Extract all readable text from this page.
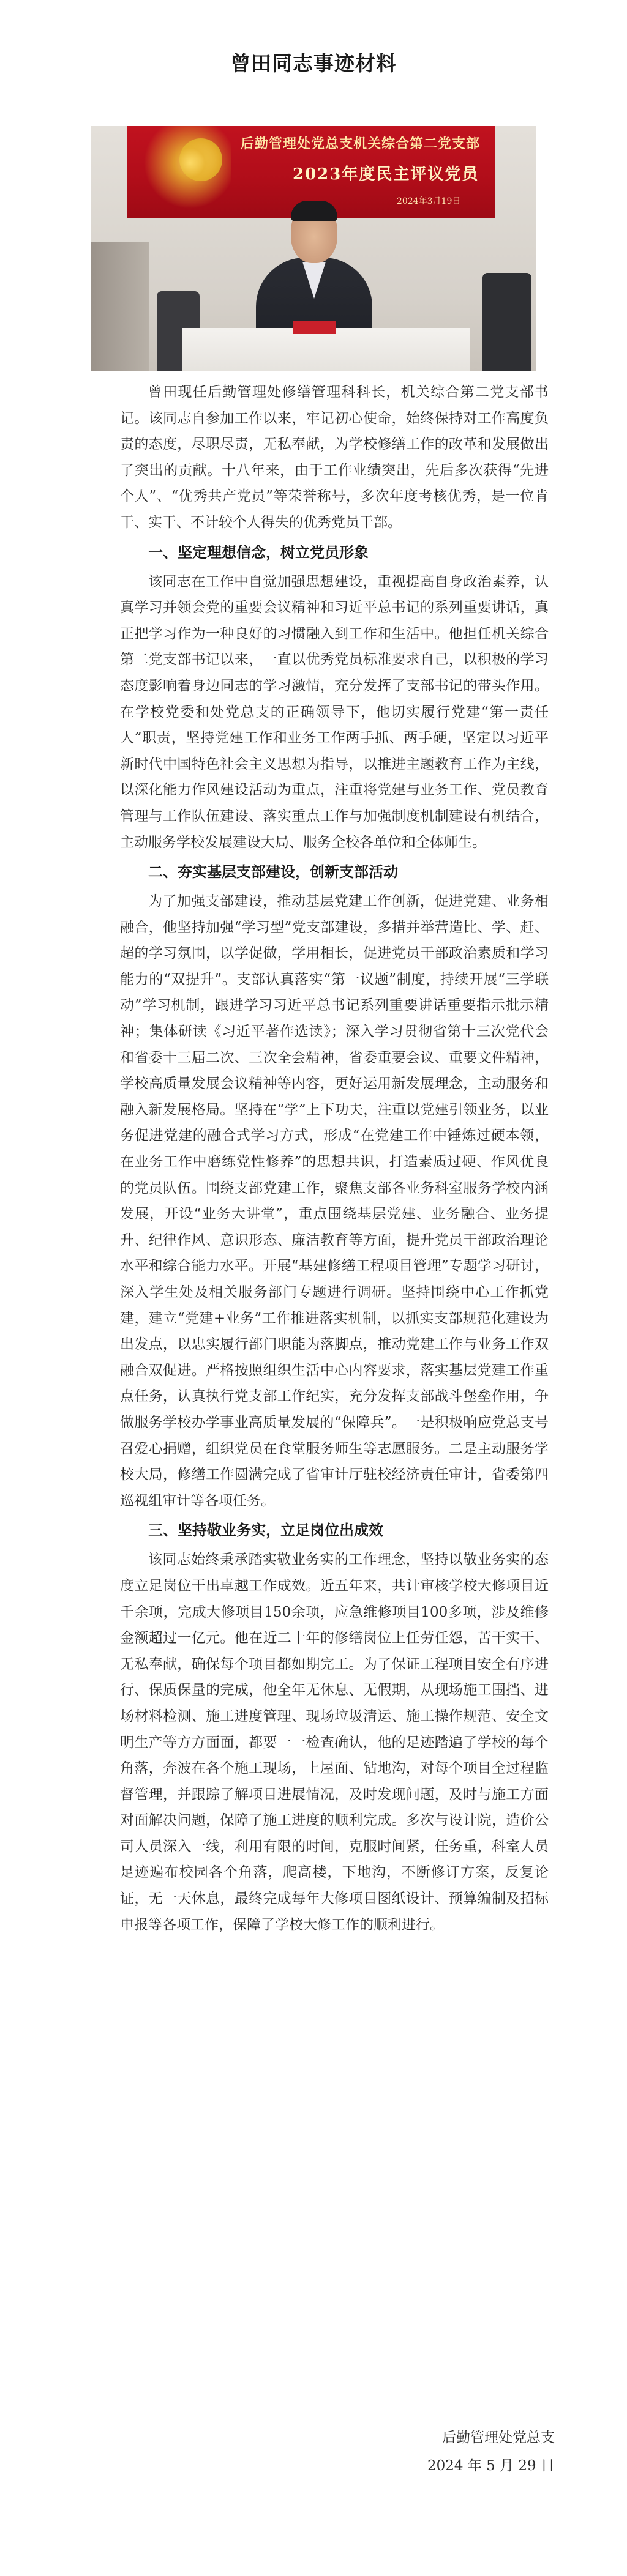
曾田同志事迹材料
后勤管理处党总支机关综合第二党支部
2023年度民主评议党员
2024年3月19日

曾田现任后勤管理处修缮管理科科长，机关综合第二党支部书记。该同志自参加工作以来，牢记初心使命，始终保持对工作高度负责的态度，尽职尽责，无私奉献，为学校修缮工作的改革和发展做出了突出的贡献。十八年来，由于工作业绩突出，先后多次获得“先进个人”、“优秀共产党员”等荣誉称号，多次年度考核优秀，是一位肯干、实干、不计较个人得失的优秀党员干部。

一、坚定理想信念，树立党员形象

该同志在工作中自觉加强思想建设，重视提高自身政治素养，认真学习并领会党的重要会议精神和习近平总书记的系列重要讲话，真正把学习作为一种良好的习惯融入到工作和生活中。他担任机关综合第二党支部书记以来，一直以优秀党员标准要求自己，以积极的学习态度影响着身边同志的学习激情，充分发挥了支部书记的带头作用。在学校党委和处党总支的正确领导下，他切实履行党建“第一责任人”职责，坚持党建工作和业务工作两手抓、两手硬，坚定以习近平新时代中国特色社会主义思想为指导，以推进主题教育工作为主线，以深化能力作风建设活动为重点，注重将党建与业务工作、党员教育管理与工作队伍建设、落实重点工作与加强制度机制建设有机结合，主动服务学校发展建设大局、服务全校各单位和全体师生。

二、夯实基层支部建设，创新支部活动

为了加强支部建设，推动基层党建工作创新，促进党建、业务相融合，他坚持加强“学习型”党支部建设，多措并举营造比、学、赶、超的学习氛围，以学促做，学用相长，促进党员干部政治素质和学习能力的“双提升”。支部认真落实“第一议题”制度，持续开展“三学联动”学习机制，跟进学习习近平总书记系列重要讲话重要指示批示精神；集体研读《习近平著作选读》；深入学习贯彻省第十三次党代会和省委十三届二次、三次全会精神，省委重要会议、重要文件精神，学校高质量发展会议精神等内容，更好运用新发展理念，主动服务和融入新发展格局。坚持在“学”上下功夫，注重以党建引领业务，以业务促进党建的融合式学习方式，形成“在党建工作中锤炼过硬本领，在业务工作中磨练党性修养”的思想共识，打造素质过硬、作风优良的党员队伍。围绕支部党建工作，聚焦支部各业务科室服务学校内涵发展，开设“业务大讲堂”，重点围绕基层党建、业务融合、业务提升、纪律作风、意识形态、廉洁教育等方面，提升党员干部政治理论水平和综合能力水平。开展“基建修缮工程项目管理”专题学习研讨，深入学生处及相关服务部门专题进行调研。坚持围绕中心工作抓党建，建立“党建+业务”工作推进落实机制，以抓实支部规范化建设为出发点，以忠实履行部门职能为落脚点，推动党建工作与业务工作双融合双促进。严格按照组织生活中心内容要求，落实基层党建工作重点任务，认真执行党支部工作纪实，充分发挥支部战斗堡垒作用，争做服务学校办学事业高质量发展的“保障兵”。一是积极响应党总支号召爱心捐赠，组织党员在食堂服务师生等志愿服务。二是主动服务学校大局，修缮工作圆满完成了省审计厅驻校经济责任审计，省委第四巡视组审计等各项任务。

三、坚持敬业务实，立足岗位出成效

该同志始终秉承踏实敬业务实的工作理念，坚持以敬业务实的态度立足岗位干出卓越工作成效。近五年来，共计审核学校大修项目近千余项，完成大修项目150余项，应急维修项目100多项，涉及维修金额超过一亿元。他在近二十年的修缮岗位上任劳任怨，苦干实干、无私奉献，确保每个项目都如期完工。为了保证工程项目安全有序进行、保质保量的完成，他全年无休息、无假期，从现场施工围挡、进场材料检测、施工进度管理、现场垃圾清运、施工操作规范、安全文明生产等方方面面，都要一一检查确认，他的足迹踏遍了学校的每个角落，奔波在各个施工现场，上屋面、钻地沟，对每个项目全过程监督管理，并跟踪了解项目进展情况，及时发现问题，及时与施工方面对面解决问题，保障了施工进度的顺利完成。多次与设计院，造价公司人员深入一线，利用有限的时间，克服时间紧，任务重，科室人员足迹遍布校园各个角落，爬高楼，下地沟，不断修订方案，反复论证，无一天休息，最终完成每年大修项目图纸设计、预算编制及招标申报等各项工作，保障了学校大修工作的顺利进行。

后勤管理处党总支
2024 年 5 月 29 日
